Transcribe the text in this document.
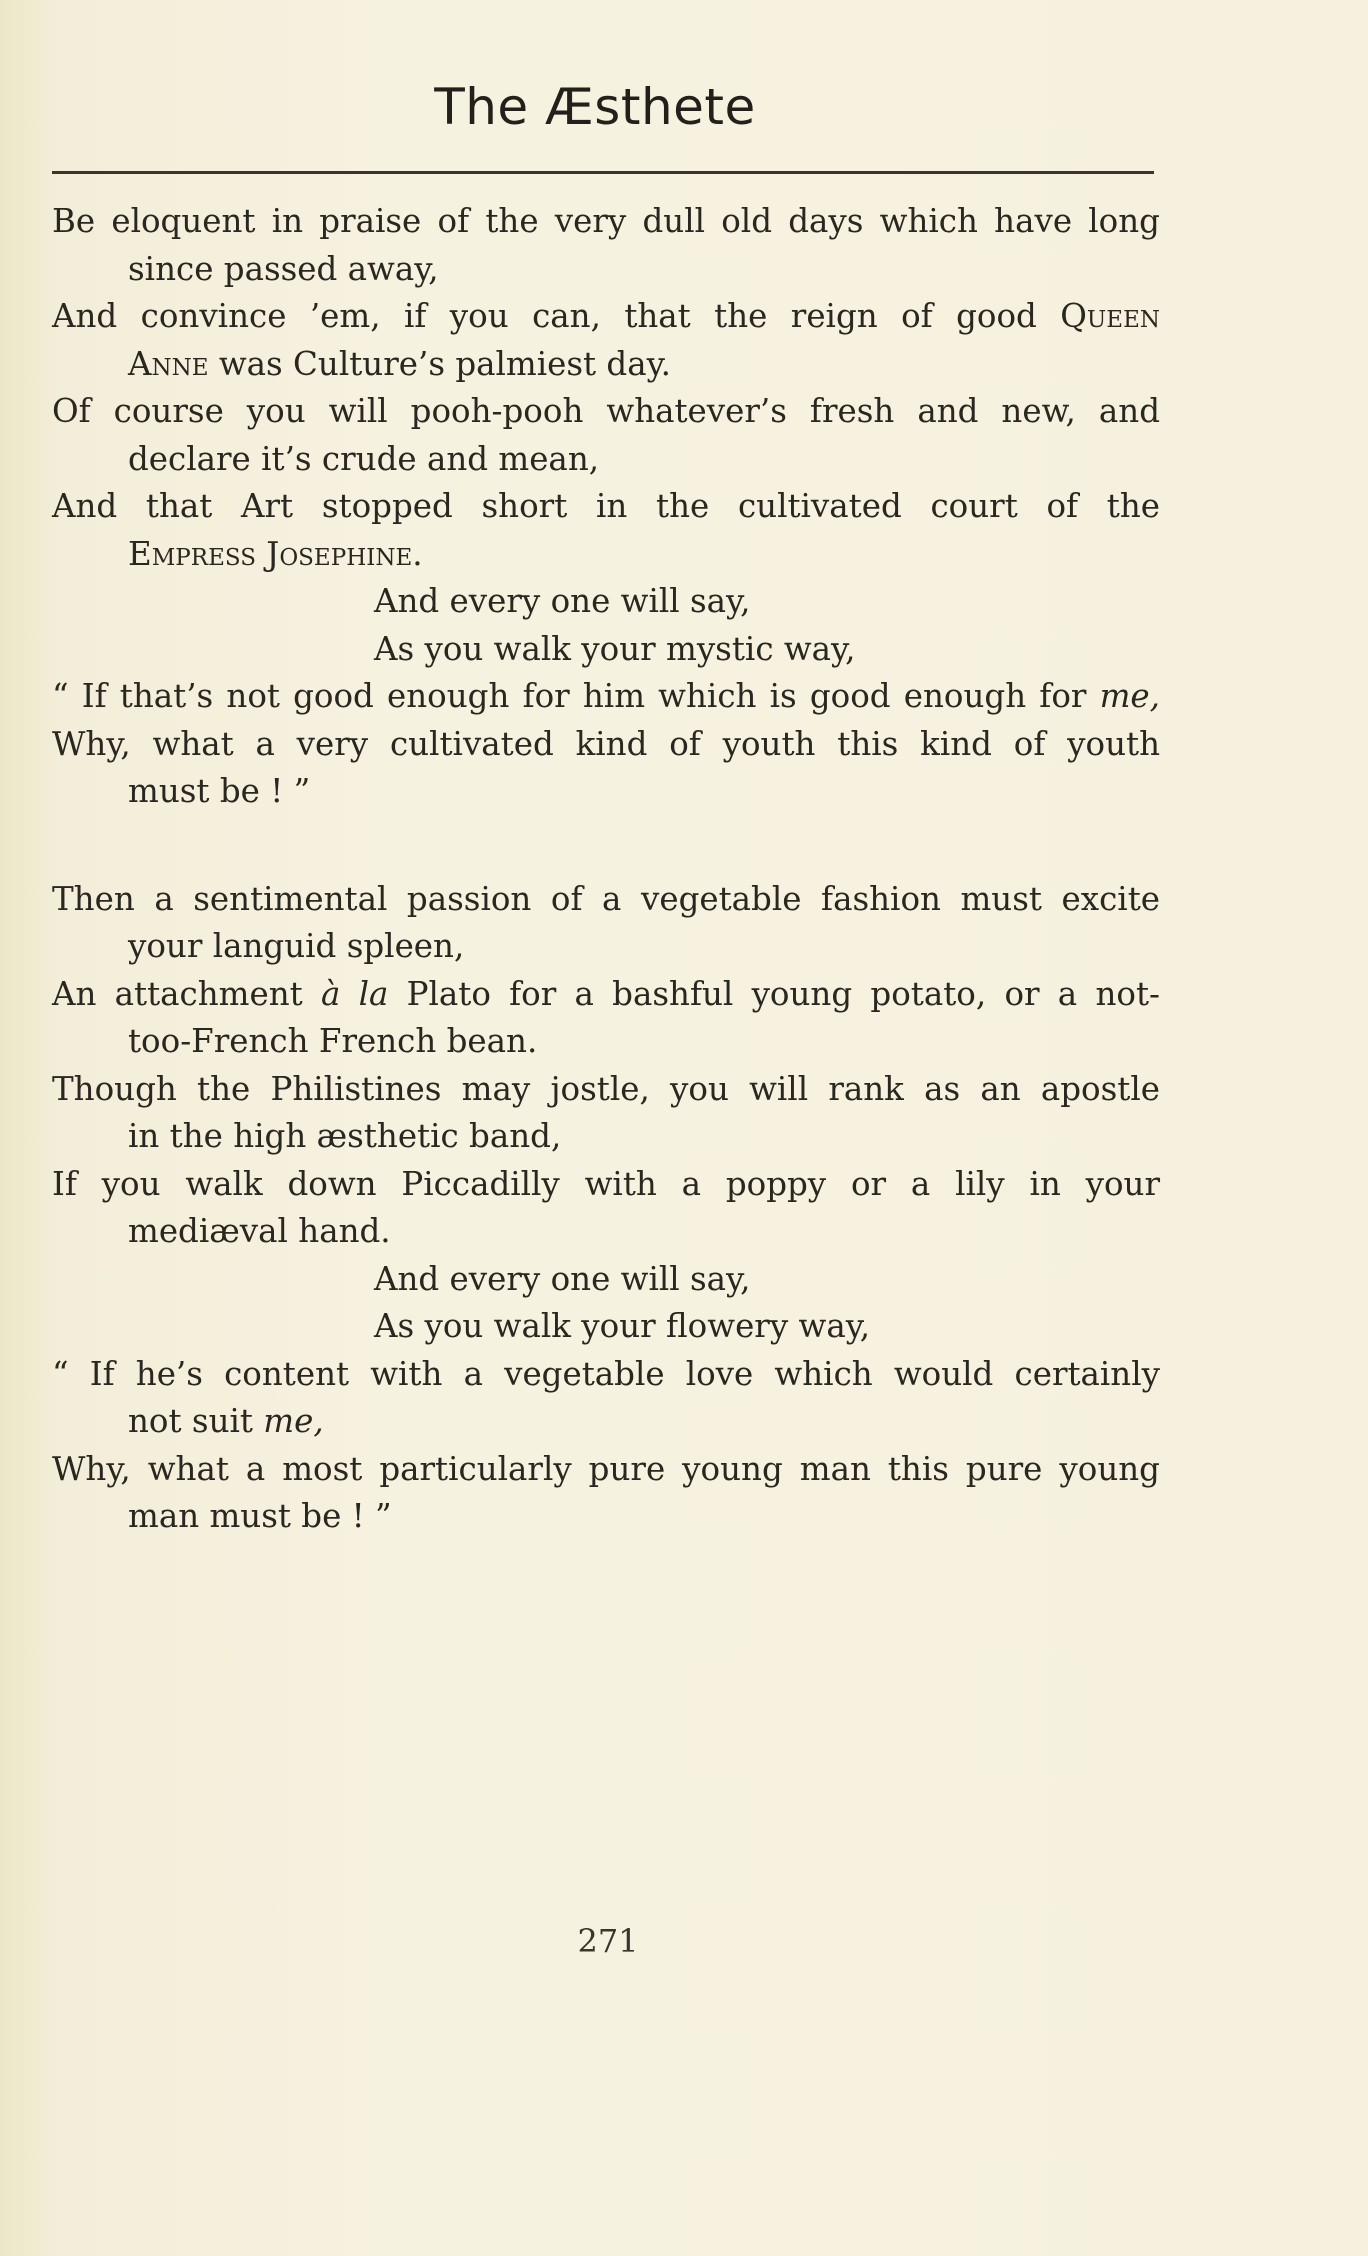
The Æsthete
Be eloquent in praise of the very dull old days which have long
since passed away,
And convince ’em, if you can, that the reign of good Queen
Anne was Culture’s palmiest day.
Of course you will pooh-pooh whatever’s fresh and new, and
declare it’s crude and mean,
And that Art stopped short in the cultivated court of the
Empress Josephine.
And every one will say,
As you walk your mystic way,
“ If that’s not good enough for him which is good enough for me,
Why, what a very cultivated kind of youth this kind of youth
must be ! ”
Then a sentimental passion of a vegetable fashion must excite
your languid spleen,
An attachment à la Plato for a bashful young potato, or a not-
too-French French bean.
Though the Philistines may jostle, you will rank as an apostle
in the high æsthetic band,
If you walk down Piccadilly with a poppy or a lily in your
mediæval hand.
And every one will say,
As you walk your flowery way,
“ If he’s content with a vegetable love which would certainly
not suit me,
Why, what a most particularly pure young man this pure young
man must be ! ”
271
